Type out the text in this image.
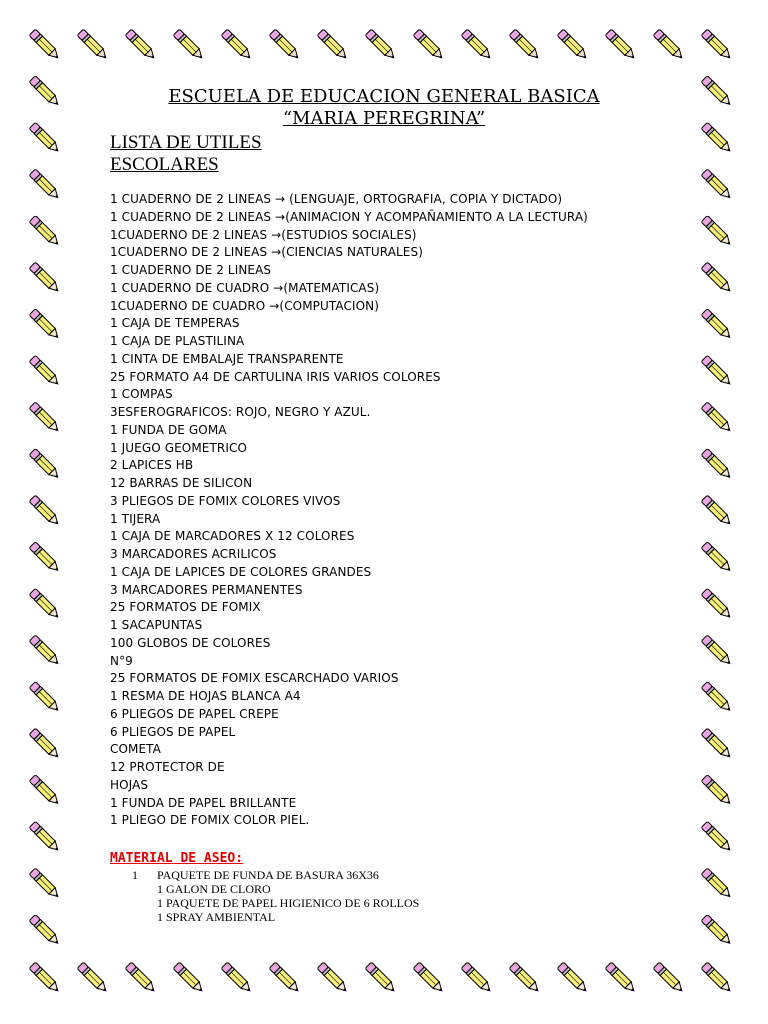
ESCUELA DE EDUCACION GENERAL BASICA
“MARIA PEREGRINA”
LISTA DE UTILES
ESCOLARES
1 CUADERNO DE 2 LINEAS → (LENGUAJE, ORTOGRAFIA, COPIA Y DICTADO)
1 CUADERNO DE 2 LINEAS →(ANIMACION Y ACOMPAÑAMIENTO A LA LECTURA)
1CUADERNO DE 2 LINEAS →(ESTUDIOS SOCIALES)
1CUADERNO DE 2 LINEAS →(CIENCIAS NATURALES)
1 CUADERNO DE 2 LINEAS
1 CUADERNO DE CUADRO →(MATEMATICAS)
1CUADERNO DE CUADRO →(COMPUTACION)
1 CAJA DE TEMPERAS
1 CAJA DE PLASTILINA
1 CINTA DE EMBALAJE TRANSPARENTE
25 FORMATO A4 DE CARTULINA IRIS VARIOS COLORES
1 COMPAS
3ESFEROGRAFICOS: ROJO, NEGRO Y AZUL.
1 FUNDA DE GOMA
1 JUEGO GEOMETRICO
2 LAPICES HB
12 BARRAS DE SILICON
3 PLIEGOS DE FOMIX COLORES VIVOS
1 TIJERA
1 CAJA DE MARCADORES X 12 COLORES
3 MARCADORES ACRILICOS
1 CAJA DE LAPICES DE COLORES GRANDES
3 MARCADORES PERMANENTES
25 FORMATOS DE FOMIX
1 SACAPUNTAS
100 GLOBOS DE COLORES
N°9
25 FORMATOS DE FOMIX ESCARCHADO VARIOS
1 RESMA DE HOJAS BLANCA A4
6 PLIEGOS DE PAPEL CREPE
6 PLIEGOS DE PAPEL
COMETA
12 PROTECTOR DE
HOJAS
1 FUNDA DE PAPEL BRILLANTE
1 PLIEGO DE FOMIX COLOR PIEL.
MATERIAL DE ASEO:
1 PAQUETE DE FUNDA DE BASURA 36X36
1 GALON DE CLORO
1 PAQUETE DE PAPEL HIGIENICO DE 6 ROLLOS
1 SPRAY AMBIENTAL
